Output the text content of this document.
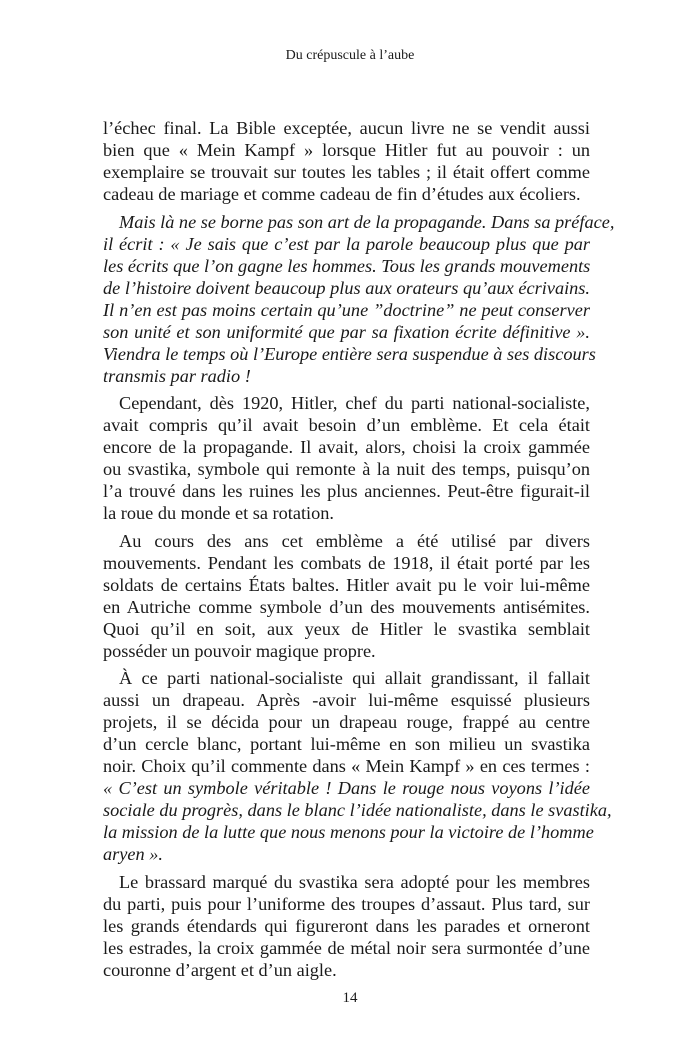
Du crépuscule à l’aube
l’échec final. La Bible exceptée, aucun livre ne se vendit aussi
bien que « Mein Kampf » lorsque Hitler fut au pouvoir : un
exemplaire se trouvait sur toutes les tables ; il était offert comme
cadeau de mariage et comme cadeau de fin d’études aux écoliers.
Mais là ne se borne pas son art de la propagande. Dans sa préface,
il écrit : « Je sais que c’est par la parole beaucoup plus que par
les écrits que l’on gagne les hommes. Tous les grands mouvements
de l’histoire doivent beaucoup plus aux orateurs qu’aux écrivains.
Il n’en est pas moins certain qu’une ”doctrine” ne peut conserver
son unité et son uniformité que par sa fixation écrite définitive ».
Viendra le temps où l’Europe entière sera suspendue à ses discours
transmis par radio !
Cependant, dès 1920, Hitler, chef du parti national-socialiste,
avait compris qu’il avait besoin d’un emblème. Et cela était
encore de la propagande. Il avait, alors, choisi la croix gammée
ou svastika, symbole qui remonte à la nuit des temps, puisqu’on
l’a trouvé dans les ruines les plus anciennes. Peut-être figurait-il
la roue du monde et sa rotation.
Au cours des ans cet emblème a été utilisé par divers
mouvements. Pendant les combats de 1918, il était porté par les
soldats de certains États baltes. Hitler avait pu le voir lui-même
en Autriche comme symbole d’un des mouvements antisémites.
Quoi qu’il en soit, aux yeux de Hitler le svastika semblait
posséder un pouvoir magique propre.
À ce parti national-socialiste qui allait grandissant, il fallait
aussi un drapeau. Après -avoir lui-même esquissé plusieurs
projets, il se décida pour un drapeau rouge, frappé au centre
d’un cercle blanc, portant lui-même en son milieu un svastika
noir. Choix qu’il commente dans « Mein Kampf » en ces termes :
« C’est un symbole véritable ! Dans le rouge nous voyons l’idée
sociale du progrès, dans le blanc l’idée nationaliste, dans le svastika,
la mission de la lutte que nous menons pour la victoire de l’homme
aryen ».
Le brassard marqué du svastika sera adopté pour les membres
du parti, puis pour l’uniforme des troupes d’assaut. Plus tard, sur
les grands étendards qui figureront dans les parades et orneront
les estrades, la croix gammée de métal noir sera surmontée d’une
couronne d’argent et d’un aigle.
14
